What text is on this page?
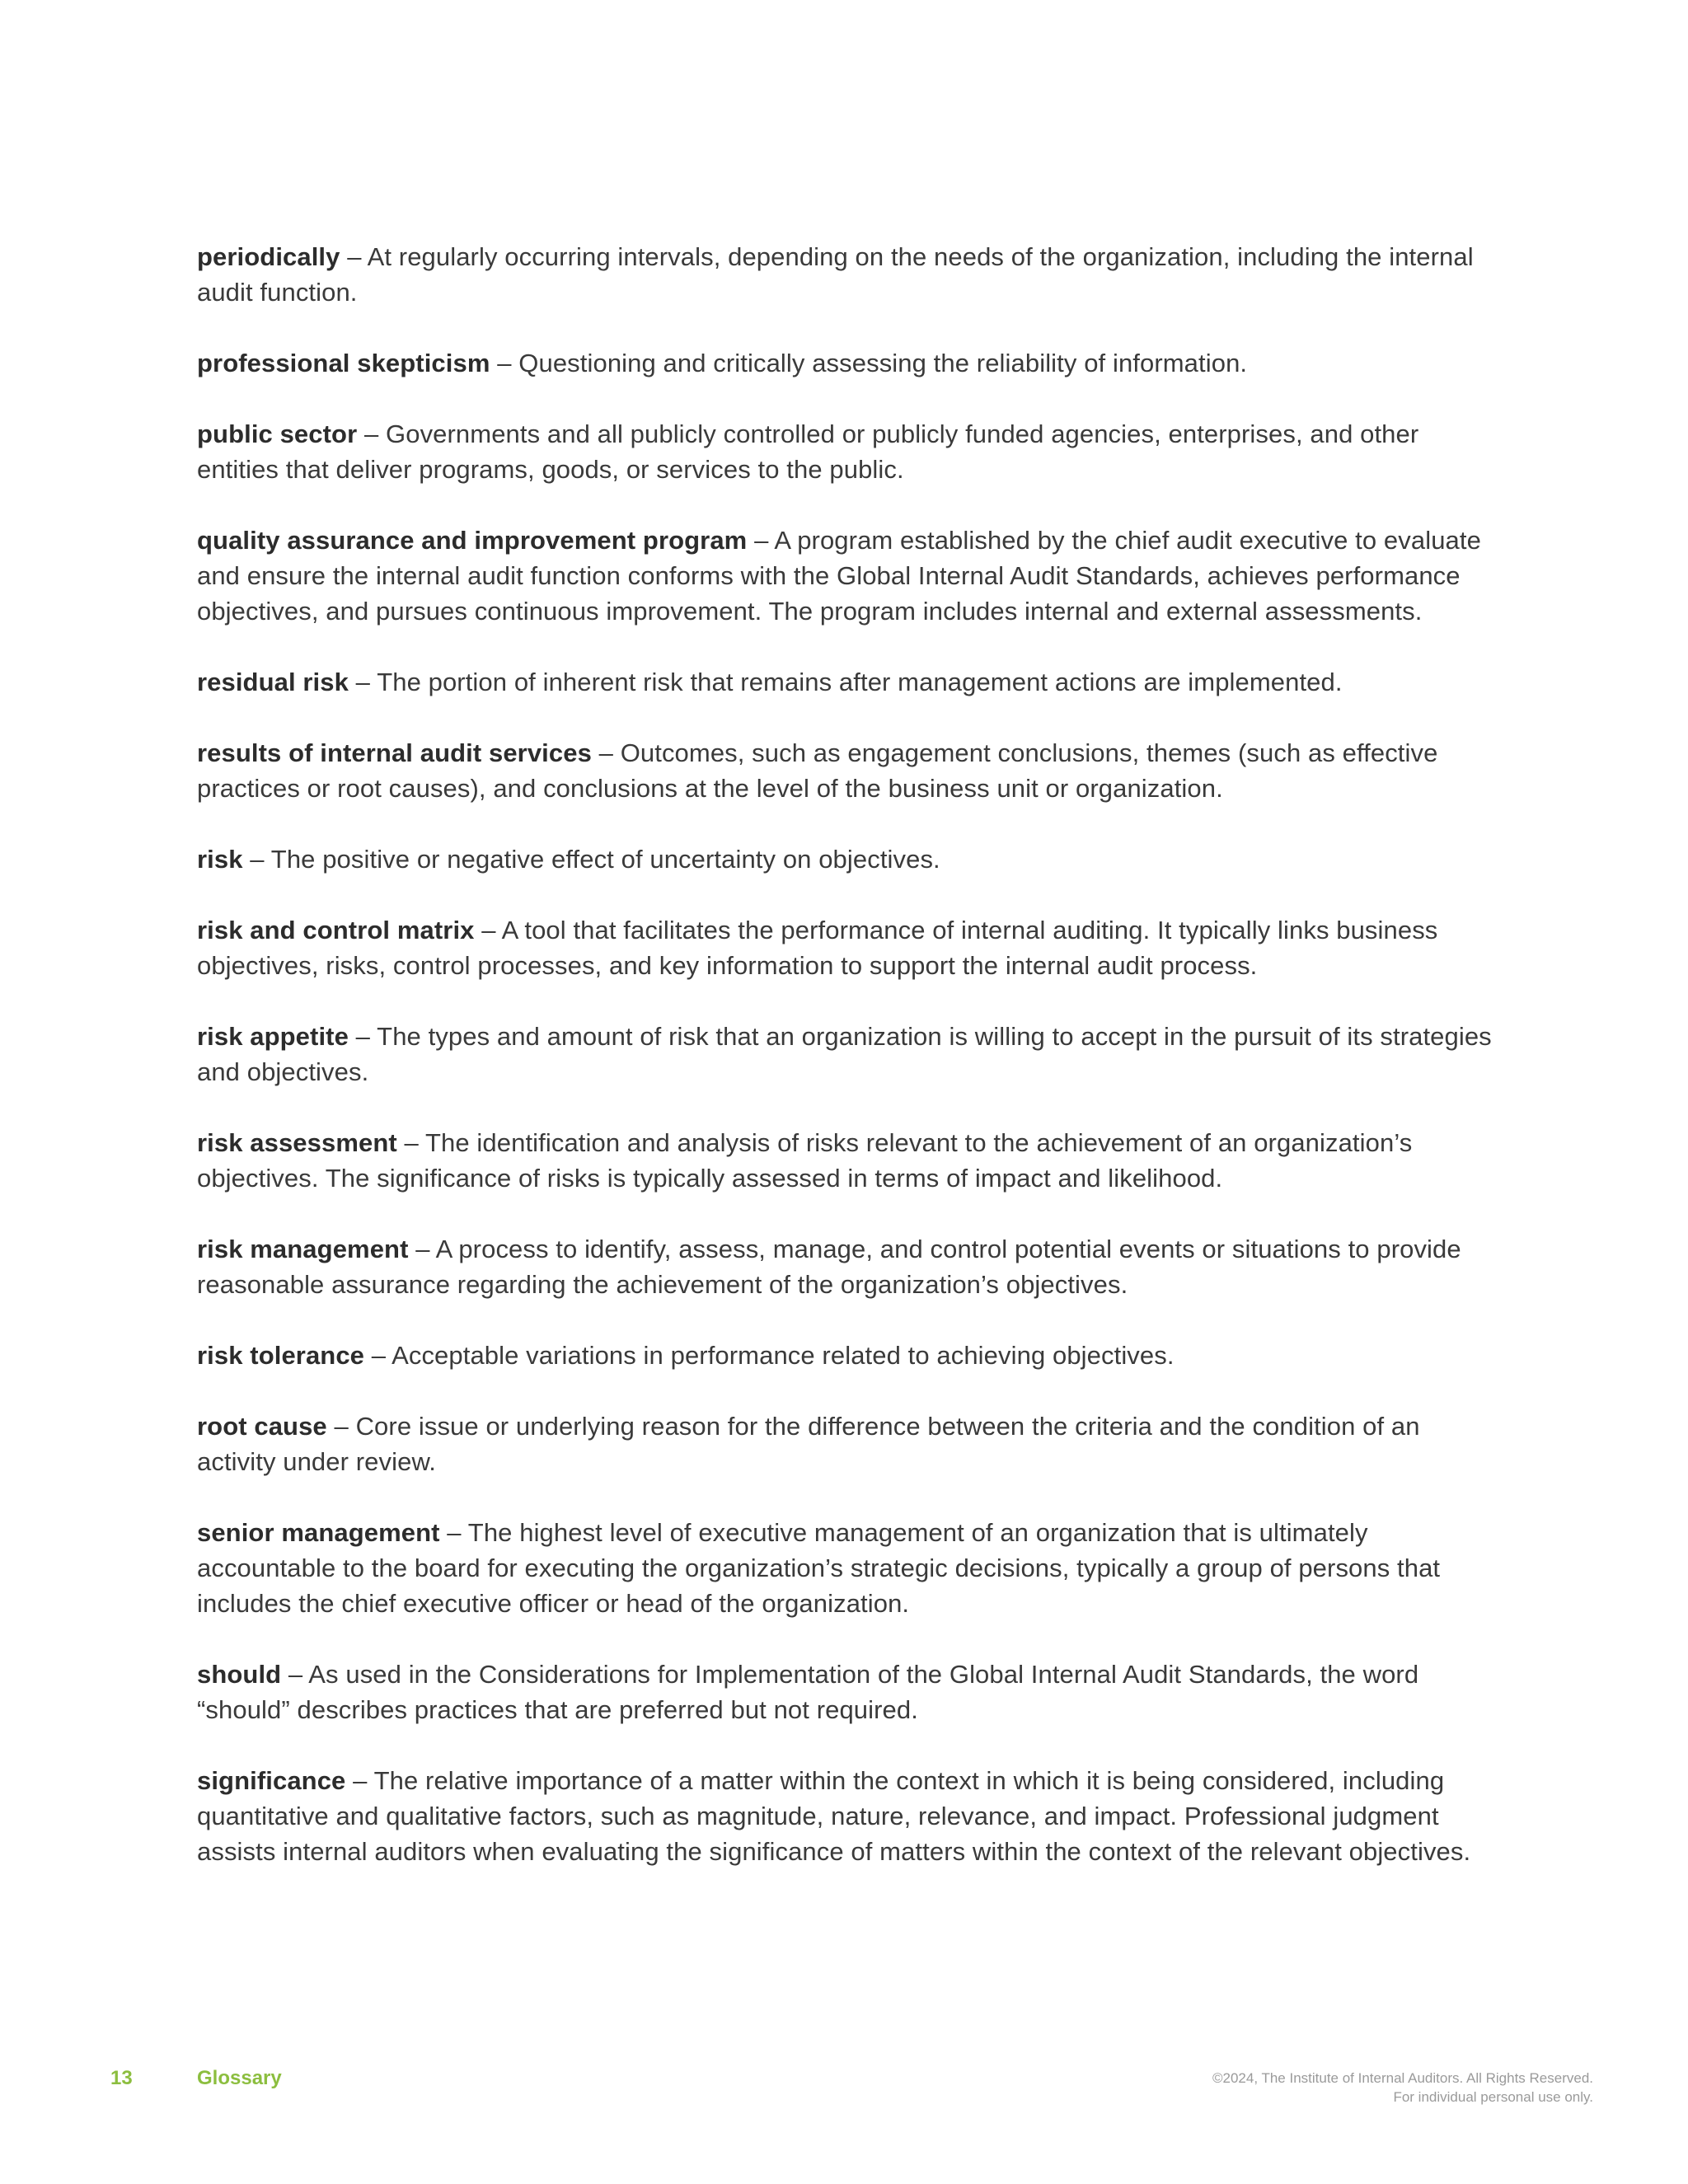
periodically – At regularly occurring intervals, depending on the needs of the organization, including the internal audit function.

professional skepticism – Questioning and critically assessing the reliability of information.

public sector – Governments and all publicly controlled or publicly funded agencies, enterprises, and other entities that deliver programs, goods, or services to the public.

quality assurance and improvement program – A program established by the chief audit executive to evaluate and ensure the internal audit function conforms with the Global Internal Audit Standards, achieves performance objectives, and pursues continuous improvement. The program includes internal and external assessments.

residual risk – The portion of inherent risk that remains after management actions are implemented.

results of internal audit services – Outcomes, such as engagement conclusions, themes (such as effective practices or root causes), and conclusions at the level of the business unit or organization.

risk – The positive or negative effect of uncertainty on objectives.

risk and control matrix – A tool that facilitates the performance of internal auditing. It typically links business objectives, risks, control processes, and key information to support the internal audit process.

risk appetite – The types and amount of risk that an organization is willing to accept in the pursuit of its strategies and objectives.

risk assessment – The identification and analysis of risks relevant to the achievement of an organization’s objectives. The significance of risks is typically assessed in terms of impact and likelihood.

risk management – A process to identify, assess, manage, and control potential events or situations to provide reasonable assurance regarding the achievement of the organization’s objectives.

risk tolerance – Acceptable variations in performance related to achieving objectives.

root cause – Core issue or underlying reason for the difference between the criteria and the condition of an activity under review.

senior management – The highest level of executive management of an organization that is ultimately accountable to the board for executing the organization’s strategic decisions, typically a group of persons that includes the chief executive officer or head of the organization.

should – As used in the Considerations for Implementation of the Global Internal Audit Standards, the word “should” describes practices that are preferred but not required.

significance – The relative importance of a matter within the context in which it is being considered, including quantitative and qualitative factors, such as magnitude, nature, relevance, and impact. Professional judgment assists internal auditors when evaluating the significance of matters within the context of the relevant objectives.

13	Glossary	©2024, The Institute of Internal Auditors. All Rights Reserved.
For individual personal use only.
